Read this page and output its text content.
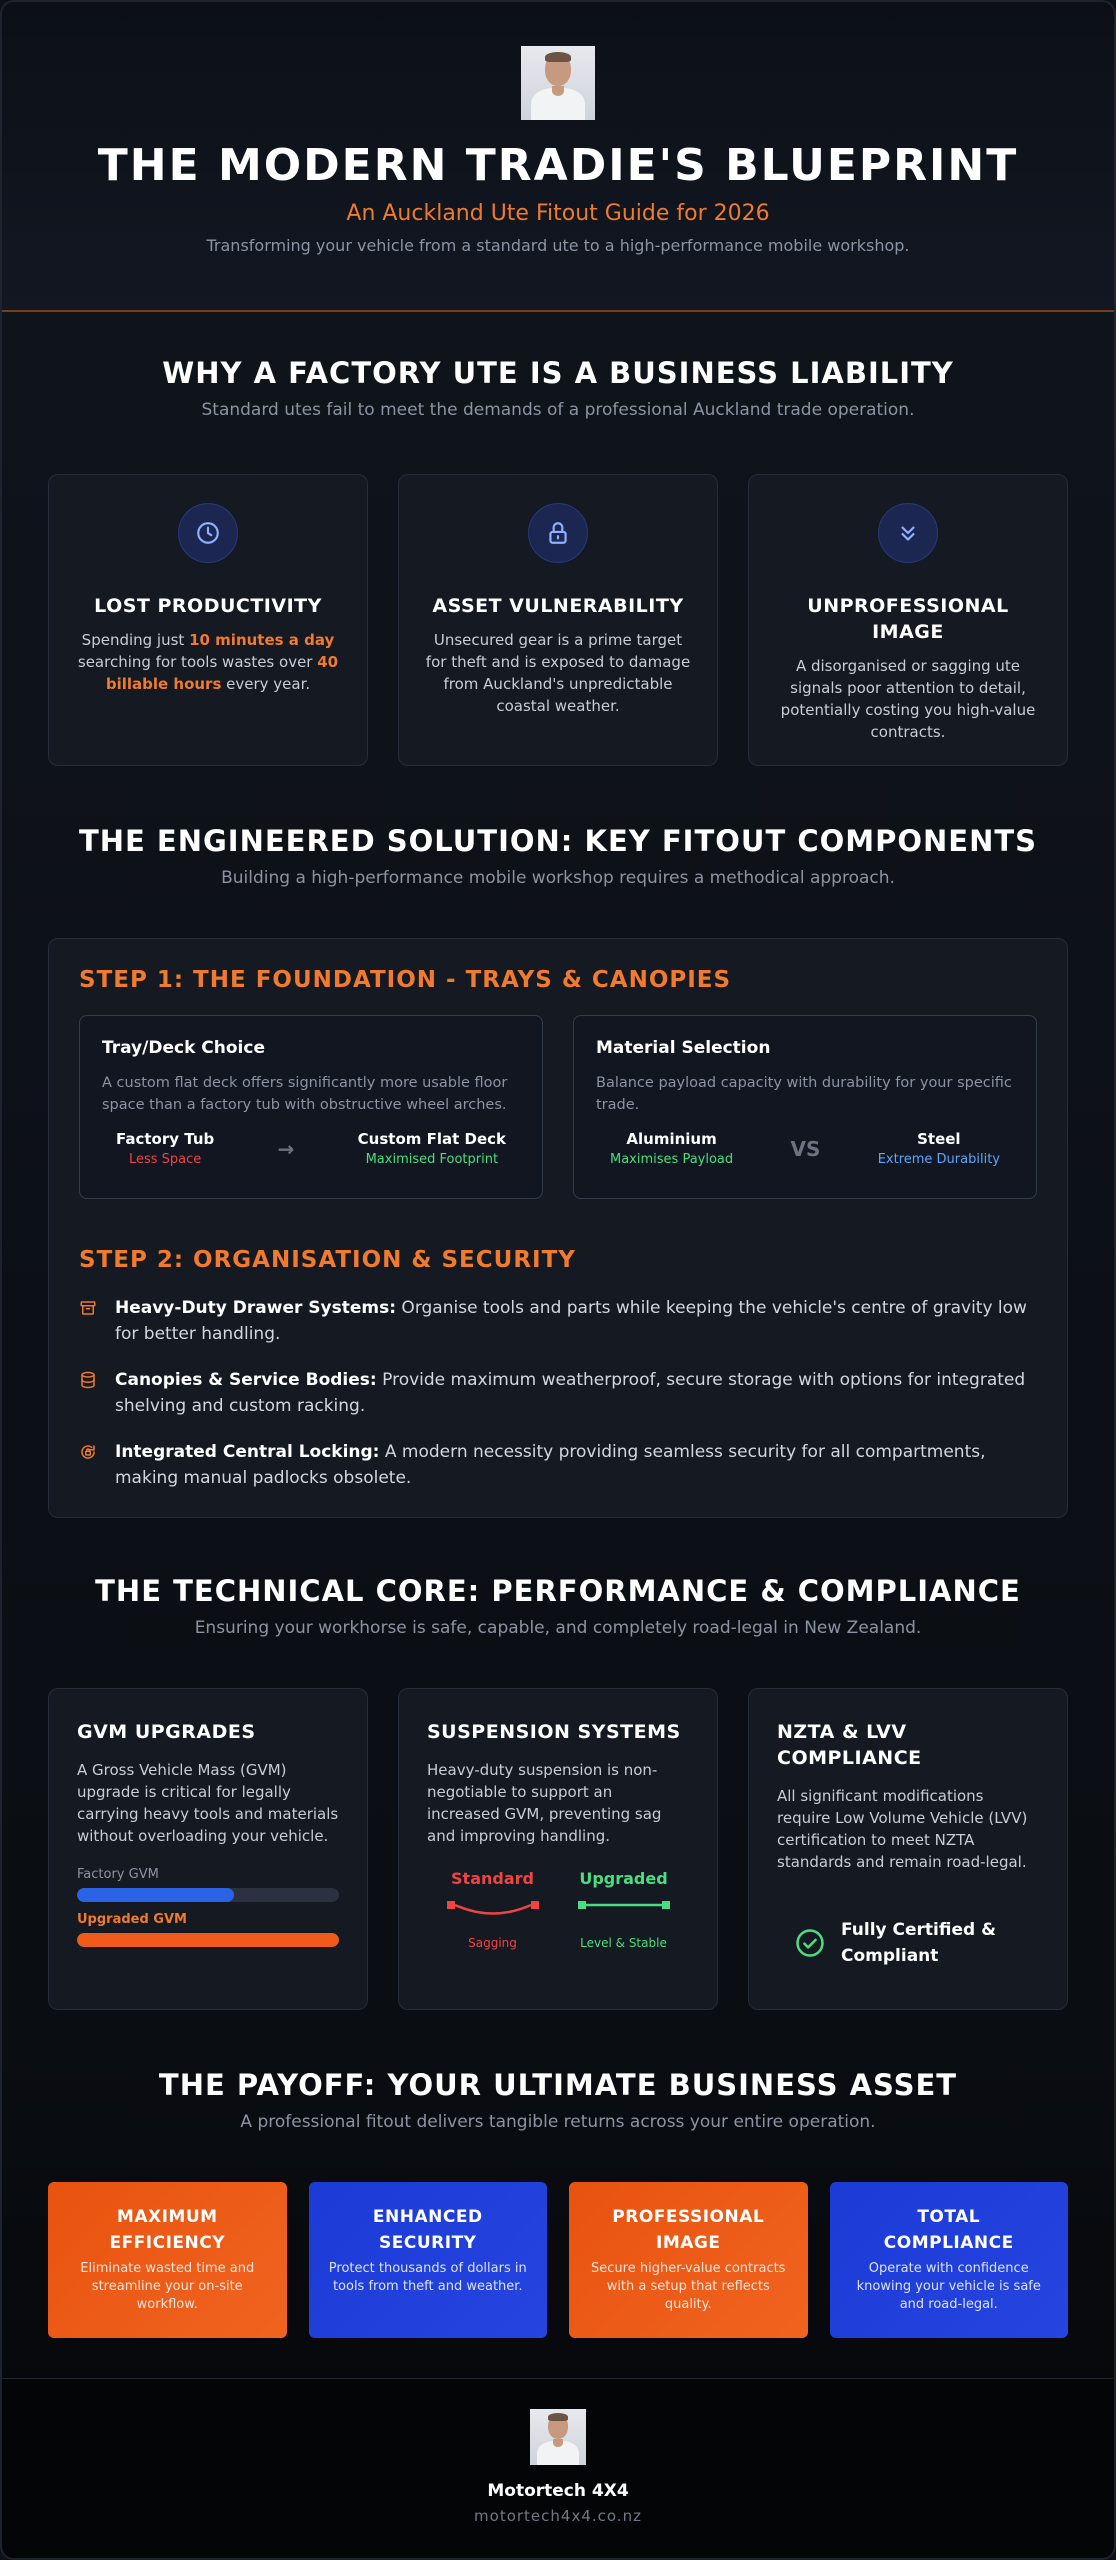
THE MODERN TRADIE'S BLUEPRINT
An Auckland Ute Fitout Guide for 2026
Transforming your vehicle from a standard ute to a high-performance mobile workshop.
WHY A FACTORY UTE IS A BUSINESS LIABILITY
Standard utes fail to meet the demands of a professional Auckland trade operation.
LOST PRODUCTIVITY
Spending just 10 minutes a day searching for tools wastes over 40 billable hours every year.
ASSET VULNERABILITY
Unsecured gear is a prime target for theft and is exposed to damage from Auckland's unpredictable coastal weather.
UNPROFESSIONAL IMAGE
A disorganised or sagging ute signals poor attention to detail, potentially costing you high-value contracts.
THE ENGINEERED SOLUTION: KEY FITOUT COMPONENTS
Building a high-performance mobile workshop requires a methodical approach.
STEP 1: THE FOUNDATION - TRAYS & CANOPIES
Tray/Deck Choice
A custom flat deck offers significantly more usable floor space than a factory tub with obstructive wheel arches.
Factory Tub
Less Space	→	Custom Flat Deck
Maximised Footprint
Material Selection
Balance payload capacity with durability for your specific trade.
Aluminium
Maximises Payload	VS	Steel
Extreme Durability
STEP 2: ORGANISATION & SECURITY
Heavy-Duty Drawer Systems: Organise tools and parts while keeping the vehicle's centre of gravity low for better handling.
Canopies & Service Bodies: Provide maximum weatherproof, secure storage with options for integrated shelving and custom racking.
Integrated Central Locking: A modern necessity providing seamless security for all compartments, making manual padlocks obsolete.
THE TECHNICAL CORE: PERFORMANCE & COMPLIANCE
Ensuring your workhorse is safe, capable, and completely road-legal in New Zealand.
GVM UPGRADES
A Gross Vehicle Mass (GVM) upgrade is critical for legally carrying heavy tools and materials without overloading your vehicle.
Factory GVM
Upgraded GVM
SUSPENSION SYSTEMS
Heavy-duty suspension is non-negotiable to support an increased GVM, preventing sag and improving handling.
Standard
Sagging
Upgraded
Level & Stable
NZTA & LVV COMPLIANCE
All significant modifications require Low Volume Vehicle (LVV) certification to meet NZTA standards and remain road-legal.
Fully Certified & Compliant
THE PAYOFF: YOUR ULTIMATE BUSINESS ASSET
A professional fitout delivers tangible returns across your entire operation.
MAXIMUM EFFICIENCY
Eliminate wasted time and streamline your on-site workflow.
ENHANCED SECURITY
Protect thousands of dollars in tools from theft and weather.
PROFESSIONAL IMAGE
Secure higher-value contracts with a setup that reflects quality.
TOTAL COMPLIANCE
Operate with confidence knowing your vehicle is safe and road-legal.
Motortech 4X4
motortech4x4.co.nz
